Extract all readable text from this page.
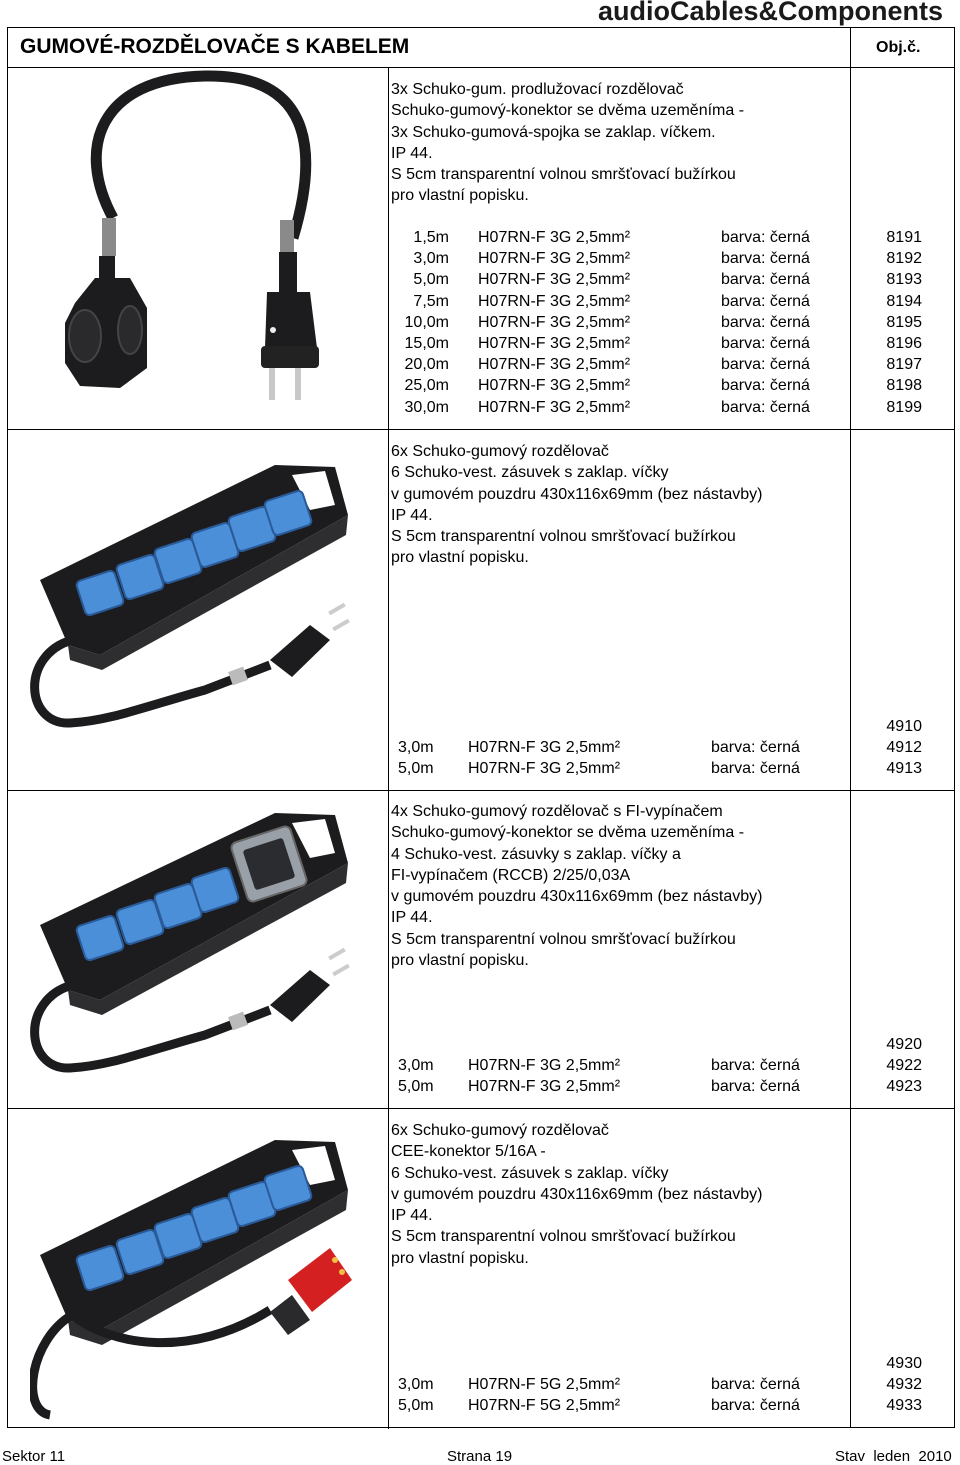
audioCables&Components
GUMOVÉ-ROZDĚLOVAČE S KABELEM	Obj.č.
3x Schuko-gum. prodlužovací rozdělovač
Schuko-gumový-konektor se dvěma uzeměníma -
3x Schuko-gumová-spojka se zaklap. víčkem.
IP 44.
S 5cm transparentní volnou smršťovací bužírkou
pro vlastní popisku.
1,5m H07RN-F 3G 2,5mm²	barva: černá	8191
3,0m H07RN-F 3G 2,5mm²	barva: černá	8192
5,0m H07RN-F 3G 2,5mm²	barva: černá	8193
7,5m H07RN-F 3G 2,5mm²	barva: černá	8194
10,0m H07RN-F 3G 2,5mm²	barva: černá	8195
15,0m H07RN-F 3G 2,5mm²	barva: černá	8196
20,0m H07RN-F 3G 2,5mm²	barva: černá	8197
25,0m H07RN-F 3G 2,5mm²	barva: černá	8198
30,0m H07RN-F 3G 2,5mm²	barva: černá	8199
6x Schuko-gumový rozdělovač
6 Schuko-vest. zásuvek s zaklap. víčky
v gumovém pouzdru 430x116x69mm (bez nástavby)
IP 44.
S 5cm transparentní volnou smršťovací bužírkou
pro vlastní popisku.
4910
3,0m H07RN-F 3G 2,5mm²	barva: černá	4912
5,0m H07RN-F 3G 2,5mm²	barva: černá	4913
4x Schuko-gumový rozdělovač s FI-vypínačem
Schuko-gumový-konektor se dvěma uzeměníma -
4 Schuko-vest. zásuvky s zaklap. víčky a
FI-vypínačem (RCCB) 2/25/0,03A
v gumovém pouzdru 430x116x69mm (bez nástavby)
IP 44.
S 5cm transparentní volnou smršťovací bužírkou
pro vlastní popisku.
4920
3,0m H07RN-F 3G 2,5mm²	barva: černá	4922
5,0m H07RN-F 3G 2,5mm²	barva: černá	4923
6x Schuko-gumový rozdělovač
CEE-konektor 5/16A -
6 Schuko-vest. zásuvek s zaklap. víčky
v gumovém pouzdru 430x116x69mm (bez nástavby)
IP 44.
S 5cm transparentní volnou smršťovací bužírkou
pro vlastní popisku.
4930
3,0m H07RN-F 5G 2,5mm²	barva: černá	4932
5,0m H07RN-F 5G 2,5mm²	barva: černá	4933
Sektor 11	Strana 19	Stav  leden  2010
